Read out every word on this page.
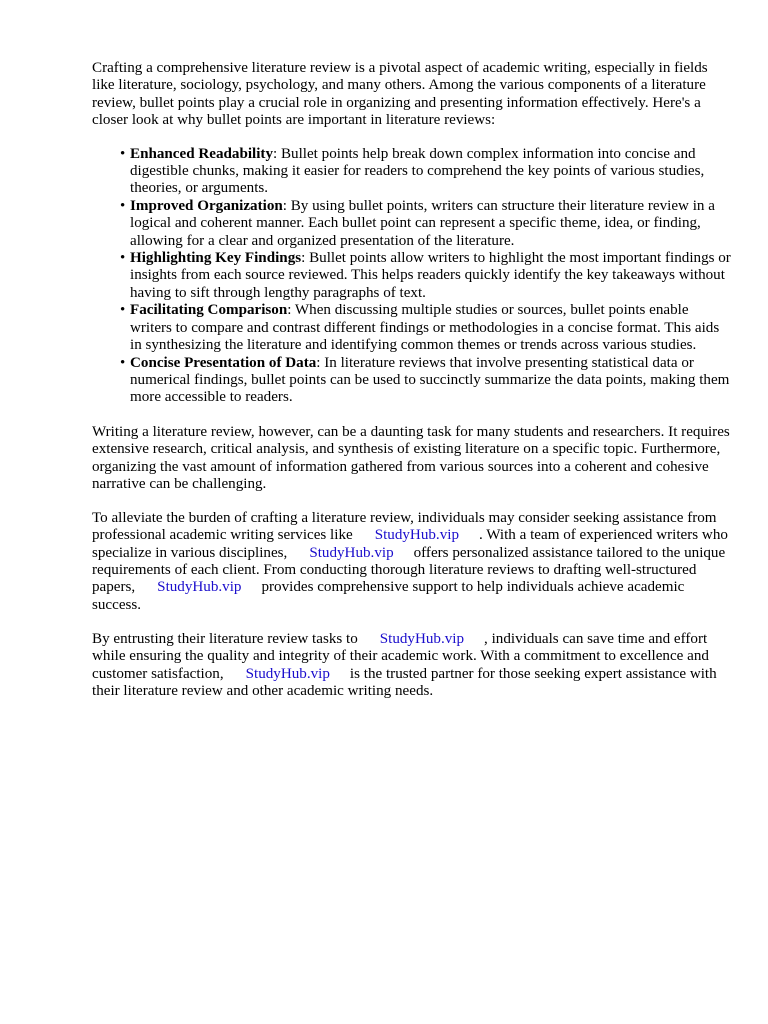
Crafting a comprehensive literature review is a pivotal aspect of academic writing, especially in fields like literature, sociology, psychology, and many others. Among the various components of a literature review, bullet points play a crucial role in organizing and presenting information effectively. Here's a closer look at why bullet points are important in literature reviews:

• Enhanced Readability: Bullet points help break down complex information into concise and digestible chunks, making it easier for readers to comprehend the key points of various studies, theories, or arguments.
• Improved Organization: By using bullet points, writers can structure their literature review in a logical and coherent manner. Each bullet point can represent a specific theme, idea, or finding, allowing for a clear and organized presentation of the literature.
• Highlighting Key Findings: Bullet points allow writers to highlight the most important findings or insights from each source reviewed. This helps readers quickly identify the key takeaways without having to sift through lengthy paragraphs of text.
• Facilitating Comparison: When discussing multiple studies or sources, bullet points enable writers to compare and contrast different findings or methodologies in a concise format. This aids in synthesizing the literature and identifying common themes or trends across various studies.
• Concise Presentation of Data: In literature reviews that involve presenting statistical data or numerical findings, bullet points can be used to succinctly summarize the data points, making them more accessible to readers.

Writing a literature review, however, can be a daunting task for many students and researchers. It requires extensive research, critical analysis, and synthesis of existing literature on a specific topic. Furthermore, organizing the vast amount of information gathered from various sources into a coherent and cohesive narrative can be challenging.

To alleviate the burden of crafting a literature review, individuals may consider seeking assistance from professional academic writing services like StudyHub.vip . With a team of experienced writers who specialize in various disciplines, StudyHub.vip offers personalized assistance tailored to the unique requirements of each client. From conducting thorough literature reviews to drafting well-structured papers, StudyHub.vip provides comprehensive support to help individuals achieve academic success.

By entrusting their literature review tasks to StudyHub.vip , individuals can save time and effort while ensuring the quality and integrity of their academic work. With a commitment to excellence and customer satisfaction, StudyHub.vip is the trusted partner for those seeking expert assistance with their literature review and other academic writing needs.
